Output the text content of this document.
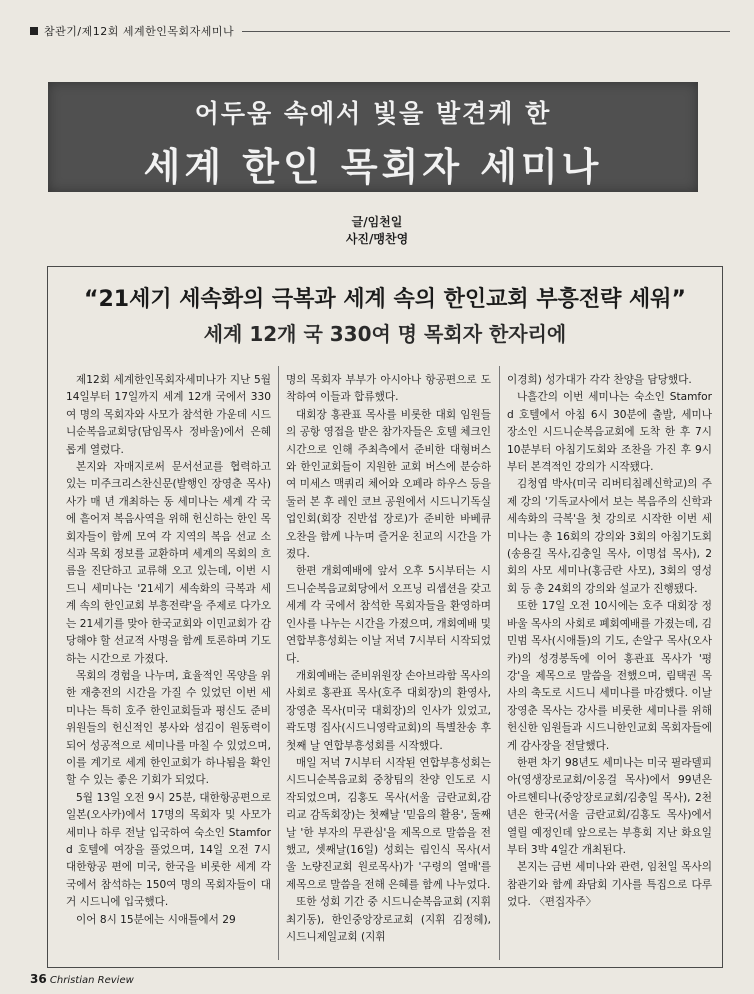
참관기/제12회 세계한인목회자세미나
어두움 속에서 빛을 발견케 한
세계 한인 목회자 세미나
글/임천일
사진/맹찬영
“21세기 세속화의 극복과 세계 속의 한인교회 부흥전략 세워”
세계 12개 국 330여 명 목회자 한자리에

제12회 세계한인목회자세미나가 지난 5월 14일부터 17일까지 세계 12개 국에서 330여 명의 목회자와 사모가 참석한 가운데 시드니순복음교회당(담임목사 정바울)에서 은혜롭게 열렸다.

본지와 자매지로써 문서선교를 협력하고 있는 미주크리스찬신문(발행인 장영춘 목사)사가 매 년 개최하는 동 세미나는 세계 각 국에 흩어져 복음사역을 위해 헌신하는 한인 목회자들이 함께 모여 각 지역의 복음 선교 소식과 목회 정보를 교환하며 세계의 목회의 흐름을 진단하고 교류해 오고 있는데, 이번 시드니 세미나는 '21세기 세속화의 극복과 세계 속의 한인교회 부흥전략'을 주제로 다가오는 21세기를 맞아 한국교회와 이민교회가 감당해야 할 선교적 사명을 함께 토론하며 기도하는 시간으로 가졌다.

목회의 경험을 나누며, 효율적인 목양을 위한 재충전의 시간을 가질 수 있었던 이번 세미나는 특히 호주 한인교회들과 평신도 준비위원들의 헌신적인 봉사와 섬김이 원동력이 되어 성공적으로 세미나를 마칠 수 있었으며, 이를 계기로 세계 한인교회가 하나됨을 확인할 수 있는 좋은 기회가 되었다.

5월 13일 오전 9시 25분, 대한항공편으로 일본(오사카)에서 17명의 목회자 및 사모가 세미나 하루 전날 입국하여 숙소인 Stamford 호텔에 여장을 풀었으며, 14일 오전 7시 대한항공 편에 미국, 한국을 비롯한 세계 각 국에서 참석하는 150여 명의 목회자들이 대거 시드니에 입국했다.

이어 8시 15분에는 시애틀에서 29

명의 목회자 부부가 아시아나 항공편으로 도착하여 이들과 합류했다.

대회장 홍관표 목사를 비롯한 대회 임원들의 공항 영접을 받은 참가자들은 호텔 체크인 시간으로 인해 주최측에서 준비한 대형버스와 한인교회들이 지원한 교회 버스에 분승하여 미세스 맥쿼리 체어와 오페라 하우스 등을 둘러 본 후 레인 코브 공원에서 시드니기독실업인회(회장 진반섭 장로)가 준비한 바베큐 오찬을 함께 나누며 즐거운 친교의 시간을 가졌다.

한편 개회예배에 앞서 오후 5시부터는 시드니순복음교회당에서 오프닝 리셉션을 갖고 세계 각 국에서 참석한 목회자들을 환영하며 인사를 나누는 시간을 가졌으며, 개회예배 및 연합부흥성회는 이날 저녁 7시부터 시작되었다.

개회예배는 준비위원장 손아브라함 목사의 사회로 홍관표 목사(호주 대회장)의 환영사, 장영춘 목사(미국 대회장)의 인사가 있었고, 곽도명 집사(시드니영락교회)의 특별찬송 후 첫째 날 연합부흥성회를 시작했다.

매일 저녁 7시부터 시작된 연합부흥성회는 시드니순복음교회 중창팀의 찬양 인도로 시작되었으며, 김홍도 목사(서울 금란교회,감리교 감독회장)는 첫째날 '믿음의 활용', 둘째날 '한 부자의 무관심'을 제목으로 말씀을 전했고, 셋째날(16일) 성회는 림인식 목사(서울 노량진교회 원로목사)가 '구령의 열매'를 제목으로 말씀을 전해 은혜를 함께 나누었다.

또한 성회 기간 중 시드니순복음교회 (지휘 최기동), 한인중앙장로교회 (지휘 김정헤), 시드니제일교회 (지휘

이경희) 성가대가 각각 찬양을 담당했다.

나흘간의 이번 세미나는 숙소인 Stamford 호텔에서 아침 6시 30분에 출발, 세미나 장소인 시드니순복음교회에 도착 한 후 7시 10분부터 아침기도회와 조찬을 가진 후 9시부터 본격적인 강의가 시작됐다.

김청엽 박사(미국 리버티침례신학교)의 주제 강의 '기독교사에서 보는 복음주의 신학과 세속화의 극복'을 첫 강의로 시작한 이번 세미나는 총 16회의 강의와 3회의 아침기도회(송용길 목사,김충일 목사, 이명섭 목사), 2회의 사모 세미나(홍금란 사모), 3회의 영성회 등 총 24회의 강의와 설교가 진행됐다.

또한 17일 오전 10시에는 호주 대회장 정바울 목사의 사회로 폐회예배를 가졌는데, 김민범 목사(시애틀)의 기도, 손알구 목사(오사카)의 성경봉독에 이어 홍관표 목사가 '평강'을 제목으로 말씀을 전했으며, 림택권 목사의 축도로 시드니 세미나를 마감했다. 이날 장영춘 목사는 강사를 비롯한 세미나를 위해 헌신한 임원들과 시드니한인교회 목회자들에게 감사장을 전달했다.

한편 차기 98년도 세미나는 미국 필라델피아(영생장로교회/이옹걸 목사)에서 99년은 아르헨티나(중앙장로교회/김충일 목사), 2천년은 한국(서울 금란교회/김홍도 목사)에서 열릴 예정인데 앞으로는 부흥회 지난 화요일부터 3박 4일간 개최된다.

본지는 금번 세미나와 관련, 임천일 목사의 참관기와 함께 좌담회 기사를 특집으로 다루었다. 〈편집자주〉

36 Christian Review
